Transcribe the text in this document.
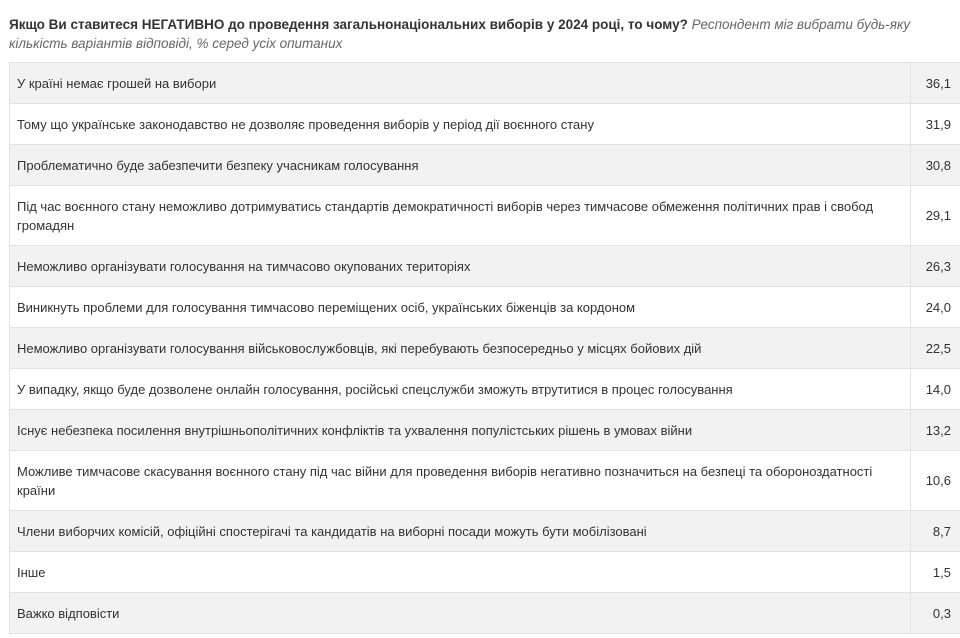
Якщо Ви ставитеся НЕГАТИВНО до проведення загальнонаціональних виборів у 2024 році, то чому? Респондент міг вибрати будь-яку кількість варіантів відповіді, % серед усіх опитаних
У країні немає грошей на вибори	36,1
Тому що українське законодавство не дозволяє проведення виборів у період дії воєнного стану	31,9
Проблематично буде забезпечити безпеку учасникам голосування	30,8
Під час воєнного стану неможливо дотримуватись стандартів демократичності виборів через тимчасове обмеження політичних прав і свобод громадян	29,1
Неможливо організувати голосування на тимчасово окупованих територіях	26,3
Виникнуть проблеми для голосування тимчасово переміщених осіб, українських біженців за кордоном	24,0
Неможливо організувати голосування військовослужбовців, які перебувають безпосередньо у місцях бойових дій	22,5
У випадку, якщо буде дозволене онлайн голосування, російські спецслужби зможуть втрутитися в процес голосування	14,0
Існує небезпека посилення внутрішньополітичних конфліктів та ухвалення популістських рішень в умовах війни	13,2
Можливе тимчасове скасування воєнного стану під час війни для проведення виборів негативно позначиться на безпеці та обороноздатності країни	10,6
Члени виборчих комісій, офіційні спостерігачі та кандидатів на виборні посади можуть бути мобілізовані	8,7
Інше	1,5
Важко відповісти	0,3
